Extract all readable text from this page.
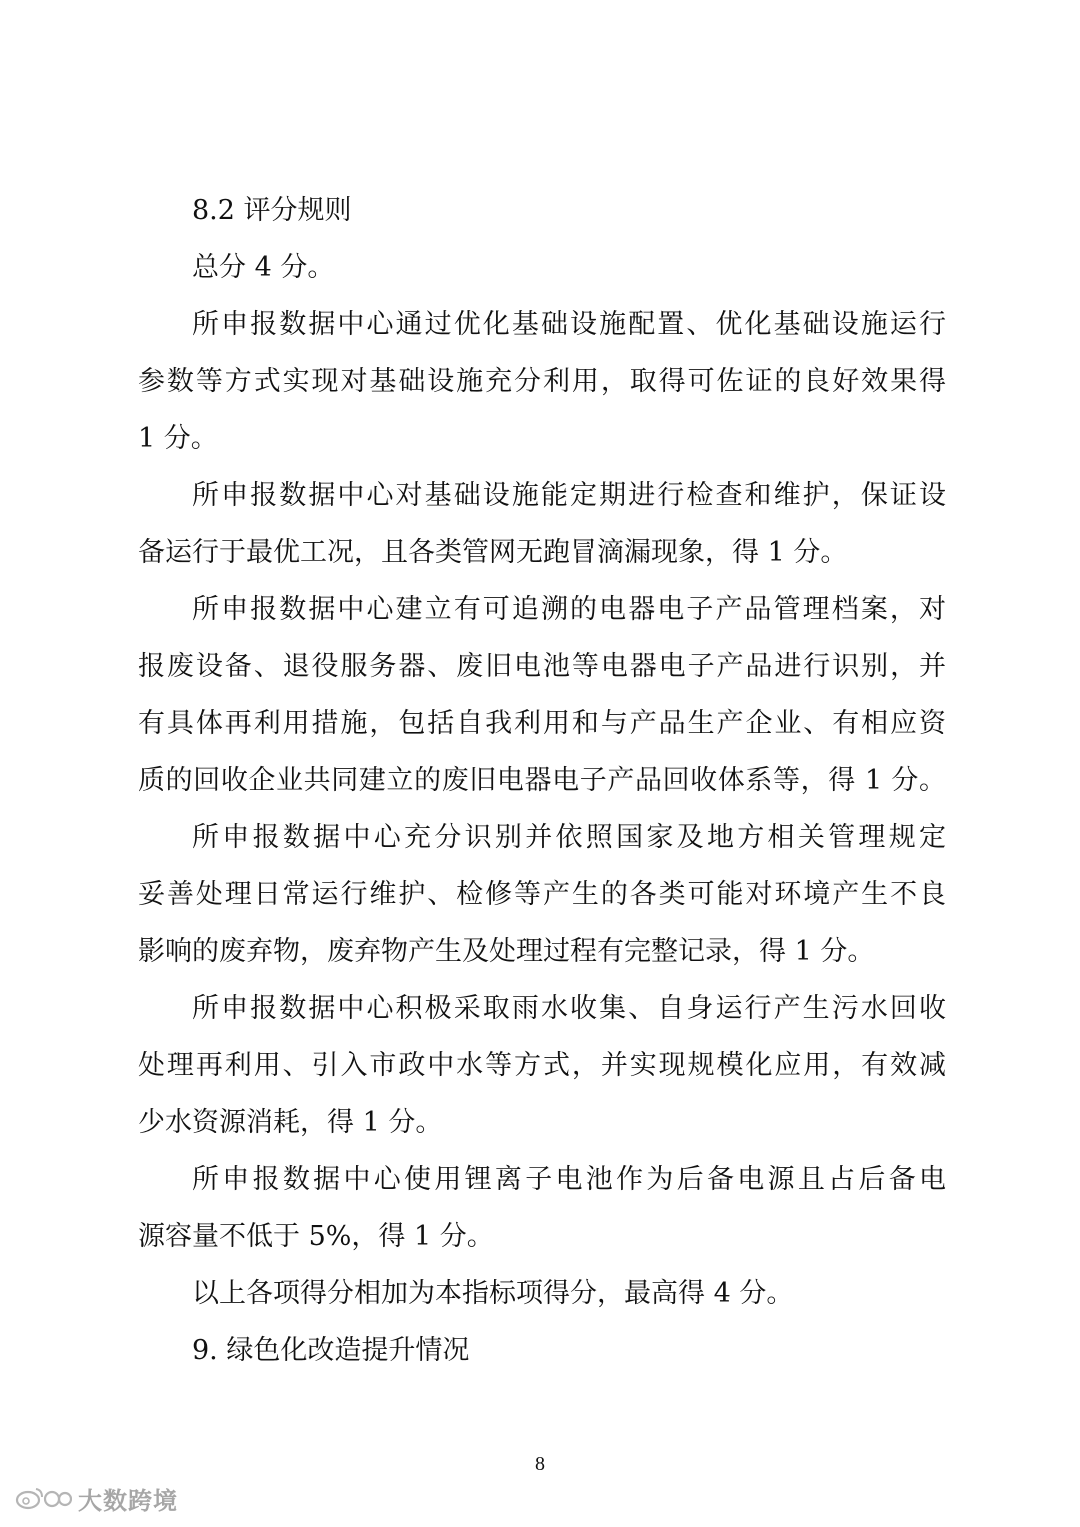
8.2 评分规则
总分 4 分。
所申报数据中心通过优化基础设施配置、优化基础设施运行
参数等方式实现对基础设施充分利用，取得可佐证的良好效果得
1 分。
所申报数据中心对基础设施能定期进行检查和维护，保证设
备运行于最优工况，且各类管网无跑冒滴漏现象，得 1 分。
所申报数据中心建立有可追溯的电器电子产品管理档案，对
报废设备、退役服务器、废旧电池等电器电子产品进行识别，并
有具体再利用措施，包括自我利用和与产品生产企业、有相应资
质的回收企业共同建立的废旧电器电子产品回收体系等，得 1 分。
所申报数据中心充分识别并依照国家及地方相关管理规定
妥善处理日常运行维护、检修等产生的各类可能对环境产生不良
影响的废弃物，废弃物产生及处理过程有完整记录，得 1 分。
所申报数据中心积极采取雨水收集、自身运行产生污水回收
处理再利用、引入市政中水等方式，并实现规模化应用，有效减
少水资源消耗，得 1 分。
所申报数据中心使用锂离子电池作为后备电源且占后备电
源容量不低于 5%，得 1 分。
以上各项得分相加为本指标项得分，最高得 4 分。
9. 绿色化改造提升情况
8
大数跨境
